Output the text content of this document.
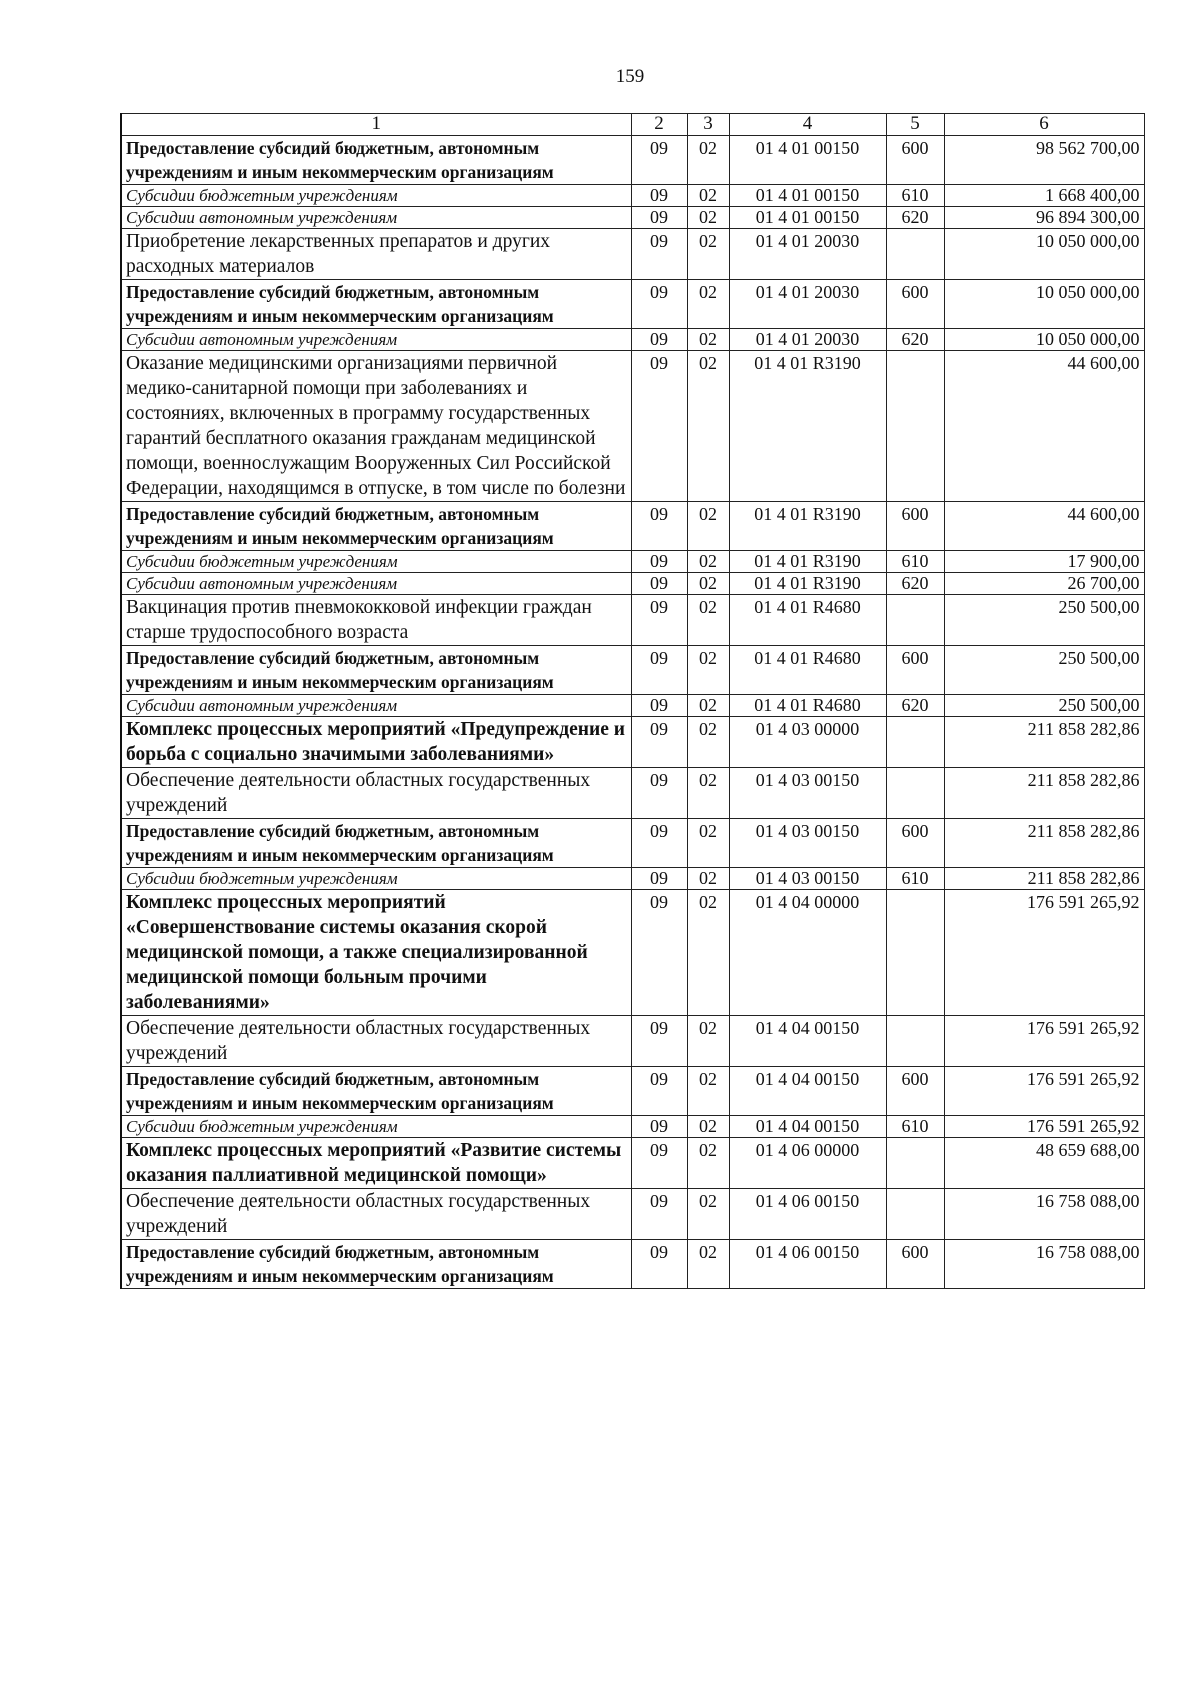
159
1	2	3	4	5	6
Предоставление субсидий бюджетным, автономным учреждениям и иным некоммерческим организациям	09	02	01 4 01 00150	600	98 562 700,00
Субсидии бюджетным учреждениям	09	02	01 4 01 00150	610	1 668 400,00
Субсидии автономным учреждениям	09	02	01 4 01 00150	620	96 894 300,00
Приобретение лекарственных препаратов и других расходных материалов	09	02	01 4 01 20030		10 050 000,00
Предоставление субсидий бюджетным, автономным учреждениям и иным некоммерческим организациям	09	02	01 4 01 20030	600	10 050 000,00
Субсидии автономным учреждениям	09	02	01 4 01 20030	620	10 050 000,00
Оказание медицинскими организациями первичной медико-санитарной помощи при заболеваниях и состояниях, включенных в программу государственных гарантий бесплатного оказания гражданам медицинской помощи, военнослужащим Вооруженных Сил Российской Федерации, находящимся в отпуске, в том числе по болезни	09	02	01 4 01 R3190		44 600,00
Предоставление субсидий бюджетным, автономным учреждениям и иным некоммерческим организациям	09	02	01 4 01 R3190	600	44 600,00
Субсидии бюджетным учреждениям	09	02	01 4 01 R3190	610	17 900,00
Субсидии автономным учреждениям	09	02	01 4 01 R3190	620	26 700,00
Вакцинация против пневмококковой инфекции граждан старше трудоспособного возраста	09	02	01 4 01 R4680		250 500,00
Предоставление субсидий бюджетным, автономным учреждениям и иным некоммерческим организациям	09	02	01 4 01 R4680	600	250 500,00
Субсидии автономным учреждениям	09	02	01 4 01 R4680	620	250 500,00
Комплекс процессных мероприятий «Предупреждение и борьба с социально значимыми заболеваниями»	09	02	01 4 03 00000		211 858 282,86
Обеспечение деятельности областных государственных учреждений	09	02	01 4 03 00150		211 858 282,86
Предоставление субсидий бюджетным, автономным учреждениям и иным некоммерческим организациям	09	02	01 4 03 00150	600	211 858 282,86
Субсидии бюджетным учреждениям	09	02	01 4 03 00150	610	211 858 282,86
Комплекс процессных мероприятий «Совершенствование системы оказания скорой медицинской помощи, а также специализированной медицинской помощи больным прочими заболеваниями»	09	02	01 4 04 00000		176 591 265,92
Обеспечение деятельности областных государственных учреждений	09	02	01 4 04 00150		176 591 265,92
Предоставление субсидий бюджетным, автономным учреждениям и иным некоммерческим организациям	09	02	01 4 04 00150	600	176 591 265,92
Субсидии бюджетным учреждениям	09	02	01 4 04 00150	610	176 591 265,92
Комплекс процессных мероприятий «Развитие системы оказания паллиативной медицинской помощи»	09	02	01 4 06 00000		48 659 688,00
Обеспечение деятельности областных государственных учреждений	09	02	01 4 06 00150		16 758 088,00
Предоставление субсидий бюджетным, автономным учреждениям и иным некоммерческим организациям	09	02	01 4 06 00150	600	16 758 088,00
